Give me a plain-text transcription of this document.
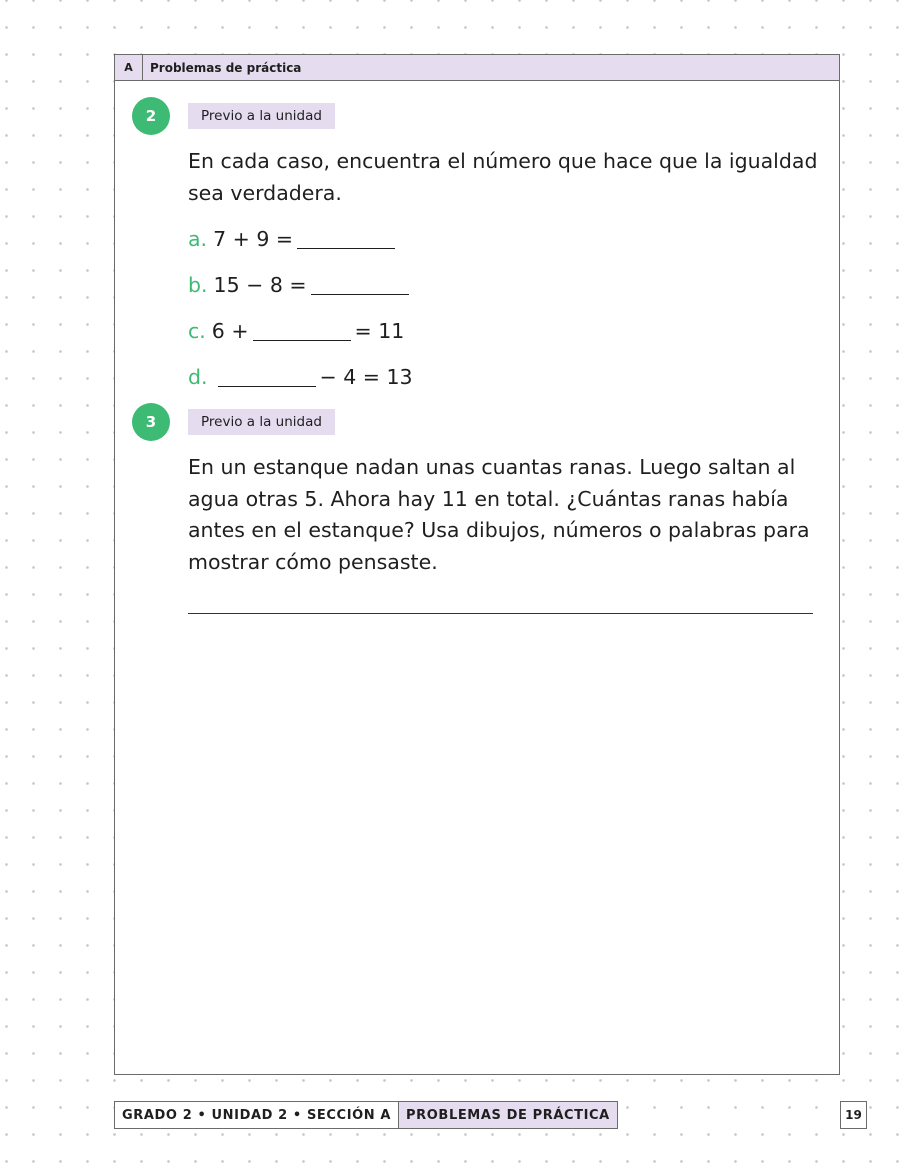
A	Problemas de práctica
2	Previo a la unidad
En cada caso, encuentra el número que hace que la igualdad sea verdadera.
a. 7 + 9 =
b. 15 − 8 =
c. 6 +	= 11
d.	− 4 = 13
3	Previo a la unidad
En un estanque nadan unas cuantas ranas. Luego saltan al agua otras 5. Ahora hay 11 en total. ¿Cuántas ranas había antes en el estanque? Usa dibujos, números o palabras para mostrar cómo pensaste.
GRADO 2 • UNIDAD 2 • SECCIÓN A	PROBLEMAS DE PRÁCTICA	19
